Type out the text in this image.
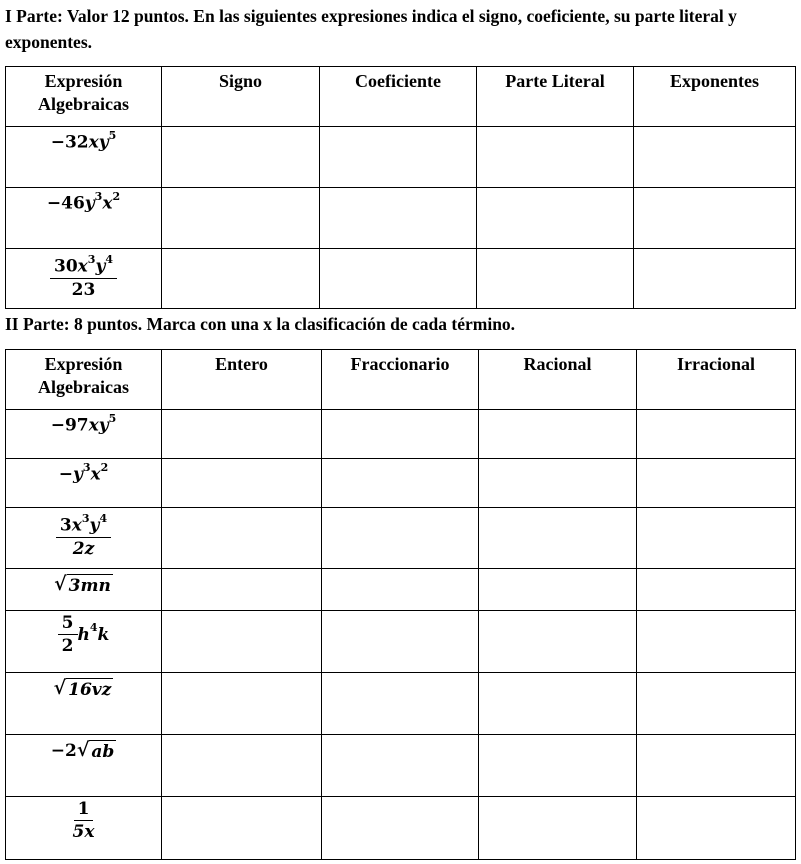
I Parte: Valor 12 puntos. En las siguientes expresiones indica el signo, coeficiente, su parte literal y exponentes.

Expresión Algebraicas	Signo	Coeficiente	Parte Literal	Exponentes
$-32xy^5$				
$-46y^3x^2$				

$\frac{30x^3y^4}{23}$

II Parte: 8 puntos. Marca con una x la clasificación de cada término.

Expresión Algebraicas	Entero	Fraccionario	Racional	Irracional
$-97xy^5$				
$-y^3x^2$				

$\frac{3x^3y^4}{2z}$

√ 3mn				

$\frac{5}{2} h^4k$				

√ 16vz				

−2 √ ab				

$\frac{1}{5x}$
